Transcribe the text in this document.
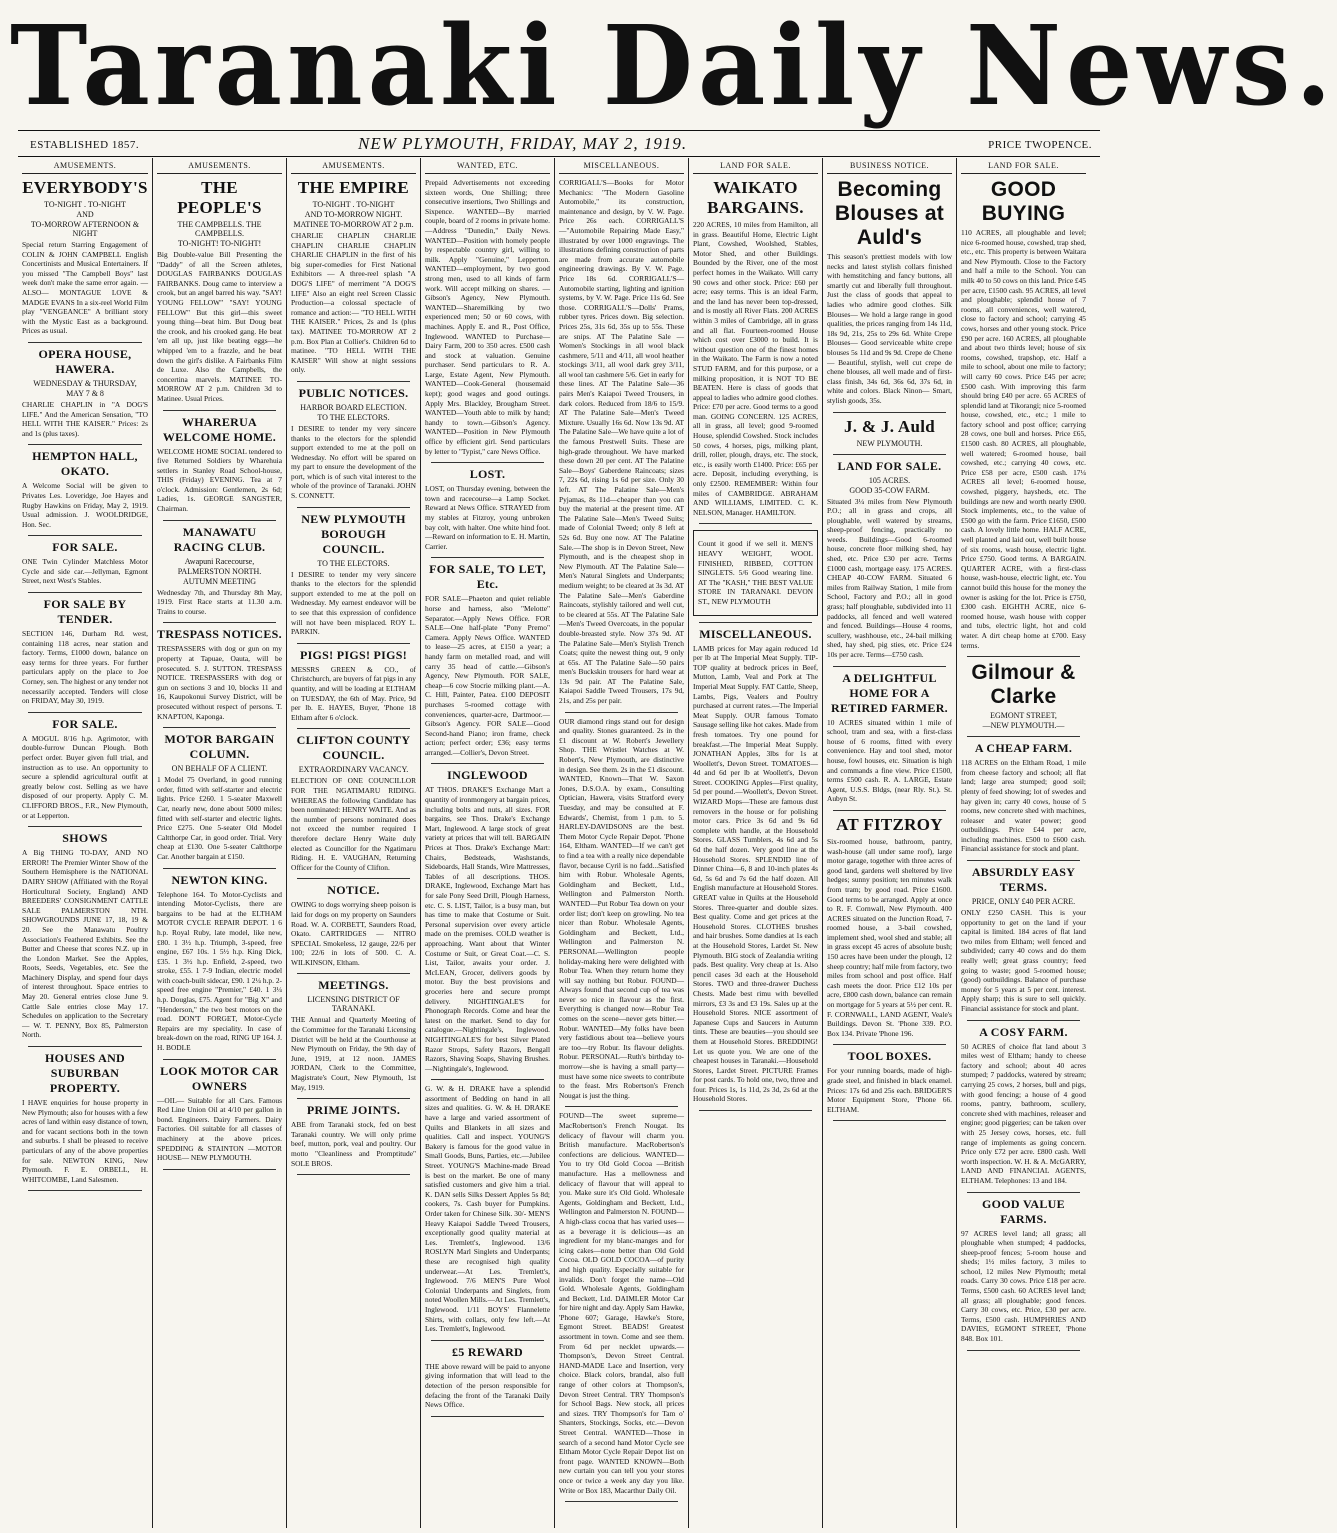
Taranaki Daily News.
ESTABLISHED 1857.	NEW PLYMOUTH, FRIDAY, MAY 2, 1919.	PRICE TWOPENCE.
AMUSEMENTS.
EVERYBODY'S
TO-NIGHT . TO-NIGHT
AND
TO-MORROW AFTERNOON & NIGHT
Special return Starring Engagement of COLIN & JOHN CAMPBELL English Concertinists and Musical Entertainers. If you missed "The Campbell Boys" last week don't make the same error again. —ALSO— MONTAGUE LOVE & MADGE EVANS In a six-reel World Film play "VENGEANCE" A brilliant story with the Mystic East as a background. Prices as usual.
OPERA HOUSE, HAWERA.
WEDNESDAY & THURSDAY,
MAY 7 & 8
CHARLIE CHAPLIN in "A DOG'S LIFE." And the American Sensation, "TO HELL WITH THE KAISER." Prices: 2s and 1s (plus taxes).
HEMPTON HALL, OKATO.
A Welcome Social will be given to Privates Les. Loveridge, Joe Hayes and Rugby Hawkins on Friday, May 2, 1919. Usual admission. J. WOOLDRIDGE, Hon. Sec.
FOR SALE.
ONE Twin Cylinder Matchless Motor Cycle and side car.—Jellyman, Egmont Street, next West's Stables.
FOR SALE BY TENDER.
SECTION 146, Durham Rd. west, containing 118 acres, near station and factory. Terms, £1000 down, balance on easy terms for three years. For further particulars apply on the place to Joe Corney, sen. The highest or any tender not necessarily accepted. Tenders will close on FRIDAY, May 30, 1919.
FOR SALE.
A MOGUL 8/16 h.p. Agrimotor, with double-furrow Duncan Plough. Both perfect order. Buyer given full trial, and instruction as to use. An opportunity to secure a splendid agricultural outfit at greatly below cost. Selling as we have disposed of our property. Apply C. M. CLIFFORD BROS., F.R., New Plymouth, or at Lepperton.
SHOWS
A Big THING TO-DAY, AND NO ERROR! The Premier Winter Show of the Southern Hemisphere is the NATIONAL DAIRY SHOW (Affiliated with the Royal Horticultural Society, England) AND BREEDERS' CONSIGNMENT CATTLE SALE PALMERSTON NTH. SHOWGROUNDS JUNE 17, 18, 19 & 20. See the Manawatu Poultry Association's Feathered Exhibits. See the Butter and Cheese that scores N.Z. up in the London Market. See the Apples, Roots, Seeds, Vegetables, etc. See the Machinery Display, and spend four days of interest throughout. Space entries to May 20. General entries close June 9. Cattle Sale entries close May 17. Schedules on application to the Secretary— W. T. PENNY, Box 85, Palmerston North.
HOUSES AND SUBURBAN PROPERTY.
I HAVE enquiries for house property in New Plymouth; also for houses with a few acres of land within easy distance of town, and for vacant sections both in the town and suburbs. I shall be pleased to receive particulars of any of the above properties for sale. NEWTON KING, New Plymouth. F. E. ORBELL, H. WHITCOMBE, Land Salesmen.
AMUSEMENTS.
THE PEOPLE'S
THE CAMPBELLS. THE CAMPBELLS.
TO-NIGHT! TO-NIGHT!
Big Double-value Bill Presenting the "Daddy" of all the Screen athletes, DOUGLAS FAIRBANKS DOUGLAS FAIRBANKS. Doug came to interview a crook, but an angel barred his way. "SAY! YOUNG FELLOW" "SAY! YOUNG FELLOW" But this girl—this sweet young thing—beat him. But Doug beat the crook, and his crooked gang. He beat 'em all up, just like beating eggs—he whipped 'em to a frazzle, and he beat down the girl's dislike. A Fairbanks Film de Luxe. Also the Campbells, the concertina marvels. MATINEE TO-MORROW AT 2 p.m. Children 3d to Matinee. Usual Prices.
WHARERUA WELCOME HOME.
WELCOME HOME SOCIAL tendered to five Returned Soldiers by Wharehuia settlers in Stanley Road School-house, THIS (Friday) EVENING. Tea at 7 o'clock. Admission: Gentlemen, 2s 6d; Ladies, 1s. GEORGE SANGSTER, Chairman.
MANAWATU RACING CLUB.
Awapuni Racecourse,
PALMERSTON NORTH.
AUTUMN MEETING
Wednesday 7th, and Thursday 8th May, 1919. First Race starts at 11.30 a.m. Trains to course.
TRESPASS NOTICES.
TRESPASSERS with dog or gun on my property at Tapuae, Oauta, will be prosecuted. S. J. SUTTON. TRESPASS NOTICE. TRESPASSERS with dog or gun on sections 3 and 10, blocks 11 and 16, Kaupokonui Survey District, will be prosecuted without respect of persons. T. KNAPTON, Kaponga.
MOTOR BARGAIN COLUMN.
ON BEHALF OF A CLIENT.
1 Model 75 Overland, in good running order, fitted with self-starter and electric lights. Price £260. 1 5-seater Maxwell Car, nearly new, done about 5000 miles; fitted with self-starter and electric lights. Price £275. One 5-seater Old Model Caltthorpe Car, in good order. Trial. Very cheap at £130. One 5-seater Caltthorpe Car. Another bargain at £150.
NEWTON KING.
Telephone 164. To Motor-Cyclists and intending Motor-Cyclists, there are bargains to be had at the ELTHAM MOTOR CYCLE REPAIR DEPOT. 1 6 h.p. Royal Ruby, late model, like new, £80. 1 3½ h.p. Triumph, 3-speed, free engine, £67 10s. 1 5½ h.p. King Dick, £35. 1 3½ h.p. Enfield, 2-speed, two stroke, £55. 1 7-9 Indian, electric model with coach-built sidecar, £90. 1 2¼ h.p. 2-speed free engine "Premier," £40. 1 3¼ h.p. Douglas, £75. Agent for "Big X" and "Henderson," the two best motors on the road. DON'T FORGET, Motor-Cycle Repairs are my speciality. In case of break-down on the road, RING UP 164. J. H. BODLE
LOOK MOTOR CAR OWNERS
—OIL— Suitable for all Cars. Famous Red Line Union Oil at 4/10 per gallon in bond. Engineers. Dairy Farmers. Dairy Factories. Oil suitable for all classes of machinery at the above prices. SPEDDING & STAINTON —MOTOR HOUSE— NEW PLYMOUTH.
AMUSEMENTS.
THE EMPIRE
TO-NIGHT . TO-NIGHT
AND TO-MORROW NIGHT.
MATINEE TO-MORROW AT 2 p.m.
CHARLIE CHAPLIN CHARLIE CHAPLIN CHARLIE CHAPLIN CHARLIE CHAPLIN in the first of his big super-comedies for First National Exhibitors — A three-reel splash "A DOG'S LIFE" of merriment "A DOG'S LIFE" Also an eight reel Screen Classic Production—a colossal spectacle of romance and action:— "TO HELL WITH THE KAISER." Prices, 2s and 1s (plus tax). MATINEE TO-MORROW AT 2 p.m. Box Plan at Collier's. Children 6d to matinee. "TO HELL WITH THE KAISER" Will show at night sessions only.
PUBLIC NOTICES.
HARBOR BOARD ELECTION.
TO THE ELECTORS.
I DESIRE to tender my very sincere thanks to the electors for the splendid support extended to me at the poll on Wednesday. No effort will be spared on my part to ensure the development of the port, which is of such vital interest to the whole of the province of Taranaki. JOHN S. CONNETT.
NEW PLYMOUTH BOROUGH COUNCIL.
TO THE ELECTORS.
I DESIRE to tender my very sincere thanks to the electors for the splendid support extended to me at the poll on Wednesday. My earnest endeavor will be to see that this expression of confidence will not have been misplaced. ROY L. PARKIN.
PIGS! PIGS! PIGS!
MESSRS GREEN & CO., of Christchurch, are buyers of fat pigs in any quantity, and will be loading at ELTHAM on TUESDAY, the 6th of May. Price, 9d per lb. E. HAYES, Buyer, 'Phone 18 Eltham after 6 o'clock.
CLIFTON COUNTY COUNCIL.
EXTRAORDINARY VACANCY.
ELECTION OF ONE COUNCILLOR FOR THE NGATIMARU RIDING. WHEREAS the following Candidate has been nominated: HENRY WAITE. And as the number of persons nominated does not exceed the number required I therefore declare Henry Waite duly elected as Councillor for the Ngatimaru Riding. H. E. VAUGHAN, Returning Officer for the County of Clifton.
NOTICE.
OWING to dogs worrying sheep poison is laid for dogs on my property on Saunders Road. W. A. CORBETT, Saunders Road, Okato. CARTRIDGES — NITRO SPECIAL Smokeless, 12 gauge, 22/6 per 100; 22/6 in lots of 500. C. A. WILKINSON, Eltham.
MEETINGS.
LICENSING DISTRICT OF TARANAKI.
THE Annual and Quarterly Meeting of the Committee for the Taranaki Licensing District will be held at the Courthouse at New Plymouth on Friday, the 9th day of June, 1919, at 12 noon. JAMES JORDAN, Clerk to the Committee, Magistrate's Court, New Plymouth, 1st May, 1919.
PRIME JOINTS.
ABE from Taranaki stock, fed on best Taranaki country. We will only prime beef, mutton, pork, veal and poultry. Our motto "Cleanliness and Promptitude" SOLE BROS.
WANTED, ETC.
Prepaid Advertisements not exceeding sixteen words, One Shilling; three consecutive insertions, Two Shillings and Sixpence. WANTED—By married couple, board of 2 rooms in private home.—Address "Dunedin," Daily News. WANTED—Position with homely people by respectable country girl, willing to milk. Apply "Genuine," Lepperton. WANTED—employment, by two good strong men, used to all kinds of farm work. Will accept milking on shares. —Gibson's Agency, New Plymouth. WANTED—Sharemilking by two experienced men; 50 or 60 cows, with machines. Apply E. and R., Post Office, Inglewood. WANTED to Purchase—Dairy Farm, 200 to 350 acres. £500 cash and stock at valuation. Genuine purchaser. Send particulars to R. A. Large, Estate Agent, New Plymouth. WANTED—Cook-General (housemaid kept); good wages and good outings. Apply Mrs. Blackley, Brougham Street. WANTED—Youth able to milk by hand; handy to town.—Gibson's Agency. WANTED—Position in New Plymouth office by efficient girl. Send particulars by letter to "Typist," care News Office.
LOST.
LOST, on Thursday evening, between the town and racecourse—a Lamp Socket. Reward at News Office. STRAYED from my stables at Fitzroy, young unbroken bay colt, with halter. One white hind foot.—Reward on information to E. H. Martin, Carrier.
FOR SALE, TO LET, Etc.
FOR SALE—Phaeton and quiet reliable horse and harness, also "Melotte" Separator.—Apply News Office. FOR SALE—One half-plate "Pony Premo" Camera. Apply News Office. WANTED to lease—25 acres, at £150 a year; a handy farm on metalled road, and will carry 35 head of cattle.—Gibson's Agency, New Plymouth. FOR SALE, cheap—6 cow Stocrie milking plant.—A. C. Hill, Painter, Patea. £100 DEPOSIT purchases 5-roomed cottage with conveniences, quarter-acre, Dartmoor.—Gibson's Agency. FOR SALE—Good Second-hand Piano; iron frame, check action; perfect order; £36; easy terms arranged.—Collier's, Devon Street.
INGLEWOOD
AT THOS. DRAKE'S Exchange Mart a quantity of ironmongery at bargain prices, including bolts and nuts, all sizes. FOR bargains, see Thos. Drake's Exchange Mart, Inglewood. A large stock of great variety at prices that will tell. BARGAIN Prices at Thos. Drake's Exchange Mart: Chairs, Bedsteads, Washstands, Sideboards, Hall Stands, Wire Mattresses, Tables of all descriptions. THOS. DRAKE, Inglewood, Exchange Mart has for sale Pony Seed Drill, Plough Harness, etc. C. S. LIST, Tailor, is a busy man, but has time to make that Costume or Suit. Personal supervision over every article made on the premises. COLD weather is approaching. Want about that Winter Costume or Suit, or Great Coat.—C. S. List, Tailor, awaits your order. J. McLEAN, Grocer, delivers goods by motor. Buy the best provisions and groceries here and secure prompt delivery. NIGHTINGALE'S for Phonograph Records. Come and hear the latest on the market. Send to day for catalogue.—Nightingale's, Inglewood. NIGHTINGALE'S for best Silver Plated Razor Strops, Safety Razors, Bengall Razors, Shaving Soaps, Shaving Brushes.—Nightingale's, Inglewood.
G. W. & H. DRAKE have a splendid assortment of Bedding on hand in all sizes and qualities. G. W. & H. DRAKE have a large and varied assortment of Quilts and Blankets in all sizes and qualities. Call and inspect. YOUNG'S Bakery is famous for the good value in Small Goods, Buns, Parties, etc.—Jubilee Street. YOUNG'S Machine-made Bread is best on the market. Be one of many satisfied customers and give him a trial. K. DAN sells Silks Dessert Apples 5s 8d; cookers, 7s. Cash buyer for Pumpkins. Order taken for Chinese Silk. 30/- MEN'S Heavy Kaiapoi Saddle Tweed Trousers, exceptionally good quality material at Les. Tremlett's, Inglewood. 13/6 ROSLYN Marl Singlets and Underpants; these are recognised high quality underwear.—At Les. Tremlett's, Inglewood. 7/6 MEN'S Pure Wool Colonial Underpants and Singlets, from noted Woollen Mills.—At Les. Tremlett's, Inglewood. 1/11 BOYS' Flannelette Shirts, with collars, only few left.—At Les. Tremlett's, Inglewood.
£5 REWARD
THE above reward will be paid to anyone giving information that will lead to the detection of the person responsible for defacing the front of the Taranaki Daily News Office.
MISCELLANEOUS.
CORRIGALL'S—Books for Motor Mechanics: "The Modern Gasoline Automobile," its construction, maintenance and design, by V. W. Page. Price 26s each. CORRIGALL'S—"Automobile Repairing Made Easy," illustrated by over 1000 engravings. The illustrations defining construction of parts are made from accurate automobile engineering drawings. By V. W. Page. Price 18s 6d. CORRIGALL'S—Automobile starting, lighting and ignition systems, by V. W. Page. Price 11s 6d. See those. CORRIGALL'S—Dolls' Prams, rubber tyres. Prices down. Big selection. Prices 25s, 31s 6d, 35s up to 55s. These are snips. AT The Palatine Sale — Women's Stockings in all wool black cashmere, 5/11 and 4/11, all wool heather stockings 3/11, all wool dark grey 3/11, all wool tan cashmere 5/6. Get in early for these lines. AT The Palatine Sale—36 pairs Men's Kaiapoi Tweed Trousers, in dark colors. Reduced from 18/6 to 15/9. AT The Palatine Sale—Men's Tweed Mixture. Usually 16s 6d. Now 13s 9d. AT The Palatine Sale—We have quite a lot of the famous Prestwell Suits. These are high-grade throughout. We have marked these down 20 per cent. AT The Palatine Sale—Boys' Gaberdene Raincoats; sizes 7, 22s 6d, rising 1s 6d per size. Only 30 left. AT The Palatine Sale—Men's Pyjamas, 8s 11d—cheaper than you can buy the material at the present time. AT The Palatine Sale—Men's Tweed Suits; made of Colonial Tweed; only 8 left at 52s 6d. Buy one now. AT The Palatine Sale.—The shop is in Devon Street, New Plymouth, and is the cheapest shop in New Plymouth. AT The Palatine Sale—Men's Natural Singlets and Underpants; medium weight; to be cleared at 3s 3d. AT The Palatine Sale—Men's Gaberdine Raincoats, stylishly tailored and well cut, to be cleared at 55s. AT The Palatine Sale—Men's Tweed Overcoats, in the popular double-breasted style. Now 37s 9d. AT The Palatine Sale—Men's Stylish Trench Coats; quite the newest thing out, 9 only at 65s. AT The Palatine Sale—50 pairs men's Buckskin trousers for hard wear at 13s 9d pair. AT The Palatine Sale, Kaiapoi Saddle Tweed Trousers, 17s 9d, 21s, and 25s per pair.
OUR diamond rings stand out for design and quality. Stones guaranteed. 2s in the £1 discount at W. Robert's Jewellery Shop. THE Wristlet Watches at W. Robert's, New Plymouth, are distinctive in design. See them. 2s in the £1 discount. WANTED, Known—That W. Saxon Jones, D.S.O.A. by exam., Consulting Optician, Hawera, visits Stratford every Tuesday, and may be consulted at F. Edwards', Chemist, from 1 p.m. to 5. HARLEY-DAVIDSONS are the best. Them Motor Cycle Repair Depot. 'Phone 164, Eltham. WANTED—If we can't get to find a tea with a really nice dependable flavor, because Cyril is no fadd...Satisfied him with Robur. Wholesale Agents, Goldingham and Beckett, Ltd., Wellington and Palmerston North. WANTED—Put Robur Tea down on your order list; don't keep on growling. No tea nicer than Robur. Wholesale Agents, Goldingham and Beckett, Ltd., Wellington and Palmerston N. PERSONAL—Wellington people holiday-making here were delighted with Robur Tea. When they return home they will say nothing but Robur. FOUND—Always found that second cup of tea was never so nice in flavour as the first. Everything is changed now—Robur Tea comes on the scene—never gets bitter.—Robur. WANTED—My folks have been very fastidious about tea—believe yours are too—try Robur. Its flavour delights. Robur. PERSONAL—Ruth's birthday to-morrow—she is having a small party—must have some nice sweets to contribute to the feast. Mrs Robertson's French Nougat is just the thing.
FOUND—The sweet supreme—MacRobertson's French Nougat. Its delicacy of flavour will charm you. British manufacture. MacRobertson's confections are delicious. WANTED—You to try Old Gold Cocoa —British manufacture. Has a mellowness and delicacy of flavour that will appeal to you. Make sure it's Old Gold. Wholesale Agents, Goldingham and Beckett, Ltd., Wellington and Palmerston N. FOUND—A high-class cocoa that has varied uses—as a beverage it is delicious—as an ingredient for my blanc-manges and for icing cakes—none better than Old Gold Cocoa. OLD GOLD COCOA—of purity and high quality. Especially suitable for invalids. Don't forget the name—Old Gold. Wholesale Agents, Goldingham and Beckett, Ltd. DAIMLER Motor Car for hire night and day. Apply Sam Hawke, 'Phone 607; Garage, Hawke's Store, Egmont Street. BEADS! Greatest assortment in town. Come and see them. From 6d per necklet upwards.—Thompson's, Devon Street Central. HAND-MADE Lace and Insertion, very choice. Black colors, brandal, also full range of other colors at Thompson's, Devon Street Central. TRY Thompson's for School Bags. New stock, all prices and sizes. TRY Thompson's for Tam o' Shanters, Stockings, Socks, etc.—Devon Street Central. WANTED—Those in search of a second hand Motor Cycle see Eltham Motor Cycle Repair Depot list on front page. WANTED KNOWN—Both new curtain you can tell you your stores once or twice a week any day you like. Write or Box 183, Macarthur Daily Oil.
LAND FOR SALE.
WAIKATO BARGAINS.
220 ACRES, 10 miles from Hamilton, all in grass. Beautiful Home, Electric Light Plant, Cowshed, Woolshed, Stables, Motor Shed, and other Buildings. Bounded by the River, one of the most perfect homes in the Waikato. Will carry 90 cows and other stock. Price: £60 per acre; easy terms. This is an ideal Farm, and the land has never been top-dressed, and is mostly all River Flats. 200 ACRES within 3 miles of Cambridge, all in grass and all flat. Fourteen-roomed House which cost over £3000 to build. It is without question one of the finest homes in the Waikato. The Farm is now a noted STUD FARM, and for this purpose, or a milking proposition, it is NOT TO BE BEATEN. Here is class of goods that appeal to ladies who admire good clothes. Price: £70 per acre. Good terms to a good man. GOING CONCERN. 125 ACRES, all in grass, all level; good 9-roomed House, splendid Cowshed. Stock includes 50 cows, 4 horses, pigs, milking plant, drill, roller, plough, drays, etc. The stock, etc., is easily worth £1400. Price: £65 per acre. Deposit, including everything, is only £2500. REMEMBER: Within four miles of CAMBRIDGE. ABRAHAM AND WILLIAMS, LIMITED. C. K. NELSON, Manager. HAMILTON.
Count it good if we sell it. MEN'S HEAVY WEIGHT, WOOL FINISHED, RIBBED, COTTON SINGLETS. 5/6 Good wearing line. AT The "KASH," THE BEST VALUE STORE IN TARANAKI. DEVON ST., NEW PLYMOUTH
MISCELLANEOUS.
LAMB prices for May again reduced 1d per lb at The Imperial Meat Supply. TIP-TOP quality at bedrock prices in Beef, Mutton, Lamb, Veal and Pork at The Imperial Meat Supply. FAT Cattle, Sheep, Lambs, Pigs, Vealers and Poultry purchased at current rates.—The Imperial Meat Supply. OUR famous Tomato Sausage selling like hot cakes. Made from fresh tomatoes. Try one pound for breakfast.—The Imperial Meat Supply. JONATHAN Apples, 3lbs for 1s at Woollett's, Devon Street. TOMATOES—4d and 6d per lb at Woollett's, Devon Street. COOKING Apples—First quality, 5d per pound.—Woollett's, Devon Street. WIZARD Mops—These are famous dust removers in the house or for polishing motor cars. Price 3s 6d and 9s 6d complete with handle, at the Household Stores. GLASS Tumblers, 4s 6d and 5s 6d the half dozen. Very good line at the Household Stores. SPLENDID line of Dinner China—6, 8 and 10-inch plates 4s 6d, 5s 6d and 7s 6d the half dozen. All English manufacture at Household Stores. GREAT value in Quilts at the Household Stores. Three-quarter and double sizes. Best quality. Come and get prices at the Household Stores. CLOTHES brushes and hair brushes. Some dandies at 1s each at the Household Stores, Lardet St. New Plymouth. BIG stock of Zealandia writing pads. Best quality. Very cheap at 1s. Also pencil cases 3d each at the Household Stores. TWO and three-drawer Duchess Chests. Made best rimu with bevelled mirrors, £3 3s and £3 19s. Sales up at the Household Stores. NICE assortment of Japanese Cups and Saucers in Autumn tints. These are beauties—you should see them at Household Stores. BREDDING! Let us quote you. We are one of the cheapest houses in Taranaki.—Household Stores, Lardet Street. PICTURE Frames for post cards. To hold one, two, three and four. Prices 1s, 1s 11d, 2s 3d, 2s 6d at the Household Stores.
BUSINESS NOTICE.
Becoming Blouses at Auld's
This season's prettiest models with low necks and latest stylish collars finished with hemstitching and fancy buttons, all smartly cut and liberally full throughout. Just the class of goods that appeal to ladies who admire good clothes. Silk Blouses— We hold a large range in good qualities, the prices ranging from 14s 11d, 18s 9d, 21s, 25s to 29s 6d. White Crepe Blouses— Good serviceable white crepe blouses 5s 11d and 9s 9d. Crepe de Chene— Beautiful, stylish, well cut crepe de chene blouses, all well made and of first-class finish, 34s 6d, 36s 6d, 37s 6d, in white and colors. Black Ninon— Smart, stylish goods, 35s.
J. & J. Auld
NEW PLYMOUTH.
LAND FOR SALE.
105 ACRES.
GOOD 35-COW FARM.
Situated 3¼ miles from New Plymouth P.O.; all in grass and crops, all ploughable, well watered by streams, sheep-proof fencing, practically no weeds. Buildings—Good 6-roomed house, concrete floor milking shed, hay shed, etc. Price £30 per acre. Terms £1000 cash, mortgage easy. 175 ACRES. CHEAP 40-COW FARM. Situated 6 miles from Railway Station, 1 mile from School, Factory and P.O.; all in good grass; half ploughable, subdivided into 11 paddocks, all fenced and well watered and fenced. Buildings—House 4 rooms, scullery, washhouse, etc., 24-bail milking shed, hay shed, pig sties, etc. Price £24 10s per acre. Terms—£750 cash.
A DELIGHTFUL HOME FOR A RETIRED FARMER.
10 ACRES situated within 1 mile of school, tram and sea, with a first-class house of 6 rooms, fitted with every convenience. Hay and tool shed, motor house, fowl houses, etc. Situation is high and commands a fine view. Price £1500, terms £500 cash. R. A. LARGE, Estate Agent, U.S.S. Bldgs, (near Rly. St.). St. Aubyn St.
AT FITZROY
Six-roomed house, bathroom, pantry, wash-house (all under same roof), large motor garage, together with three acres of good land, gardens well sheltered by live hedges; sunny position; ten minutes walk from tram; by good road. Price £1600. Good terms to be arranged. Apply at once to R. F. Cornwall, New Plymouth. 400 ACRES situated on the Junction Road, 7-roomed house, a 3-bail cowshed, implement shed, wool shed and stable; all in grass except 45 acres of absolute bush; 150 acres have been under the plough, 12 sheep country; half mile from factory, two miles from school and post office. Half cash meets the door. Price £12 10s per acre, £800 cash down, balance can remain on mortgage for 5 years at 5½ per cent. R. F. CORNWALL, LAND AGENT, Veale's Buildings. Devon St. 'Phone 339. P.O. Box 134. Private 'Phone 196.
TOOL BOXES.
For your running boards, made of high-grade steel, and finished in black enamel. Prices: 17s 6d and 25s each. BRIDGER'S Motor Equipment Store, 'Phone 66. ELTHAM.
LAND FOR SALE.
GOOD BUYING
110 ACRES, all ploughable and level; nice 6-roomed house, cowshed, trap shed, etc., etc. This property is between Waitara and New Plymouth. Close to the Factory and half a mile to the School. You can milk 40 to 50 cows on this land. Price £45 per acre, £1500 cash. 95 ACRES, all level and ploughable; splendid house of 7 rooms, all conveniences, well watered, close to factory and school; carrying 45 cows, horses and other young stock. Price £90 per acre. 160 ACRES, all ploughable and about two thirds level; house of six rooms, cowshed, trapshop, etc. Half a mile to school, about one mile to factory; will carry 60 cows. Price £45 per acre; £500 cash. With improving this farm should bring £40 per acre. 65 ACRES of splendid land at Tikorangi; nice 5-roomed house, cowshed, etc., etc.; 1 mile to factory school and post office; carrying 28 cows, one bull and horses. Price £65, £1500 cash. 80 ACRES, all ploughable, well watered; 6-roomed house, bail cowshed, etc.; carrying 40 cows, etc. Price £58 per acre, £500 cash. 17¼ ACRES all level; 6-roomed house, cowshed, piggery, haysheds, etc. The buildings are new and worth nearly £900. Stock implements, etc., to the value of £500 go with the farm. Price £1650, £500 cash. A lovely little home. HALF ACRE, well planted and laid out, well built house of six rooms, wash house, electric light. Price £750. Good terms. A BARGAIN. QUARTER ACRE, with a first-class house, wash-house, electric light, etc. You cannot build this house for the money the owner is asking for the lot. Price is £750, £300 cash. EIGHTH ACRE, nice 6-roomed house, wash house with copper and tubs, electric light, hot and cold water. A dirt cheap home at £700. Easy terms.
Gilmour & Clarke
EGMONT STREET,
—NEW PLYMOUTH.—
A CHEAP FARM.
118 ACRES on the Eltham Road, 1 mile from cheese factory and school; all flat land; large area stumped; good soil; plenty of feed showing; lot of swedes and hay given in; carry 40 cows, house of 5 rooms, new concrete shed with machines, roleaser and water power; good outbuildings. Price £44 per acre, including machines. £500 to £600 cash. Financial assistance for stock and plant.
ABSURDLY EASY TERMS.
PRICE, ONLY £40 PER ACRE.
ONLY £250 CASH. This is your opportunity to get on the land if your capital is limited. 184 acres of flat land two miles from Eltham; well fenced and subdivided; carry 40 cows and do them really well; great grass country; feed going to waste; good 5-roomed house; (good) outbuildings. Balance of purchase money for 5 years at 5 per cent. interest. Apply sharp; this is sure to sell quickly. Financial assistance for stock and plant.
A COSY FARM.
50 ACRES of choice flat land about 3 miles west of Eltham; handy to cheese factory and school; about 40 acres stumped; 7 paddocks, watered by stream; carrying 25 cows, 2 horses, bull and pigs, with good fencing; a house of 4 good rooms, pantry, bathroom, scullery, concrete shed with machines, releaser and engine; good piggeries; can be taken over with 25 Jersey cows, horses, etc. full range of implements as going concern. Price only £72 per acre. £800 cash. Well worth inspection. W. H. & A. McGARRY, LAND AND FINANCIAL AGENTS, ELTHAM. Telephones: 13 and 184.
GOOD VALUE FARMS.
97 ACRES level land; all grass; all ploughable when stumped; 4 paddocks, sheep-proof fences; 5-room house and sheds; 1½ miles factory, 3 miles to school, 12 miles New Plymouth; metal roads. Carry 30 cows. Price £18 per acre. Terms, £500 cash. 60 ACRES level land; all grass; all ploughable; good fences. Carry 30 cows, etc. Price, £30 per acre. Terms, £500 cash. HUMPHRIES AND DAVIES, EGMONT STREET, 'Phone 848. Box 101.
